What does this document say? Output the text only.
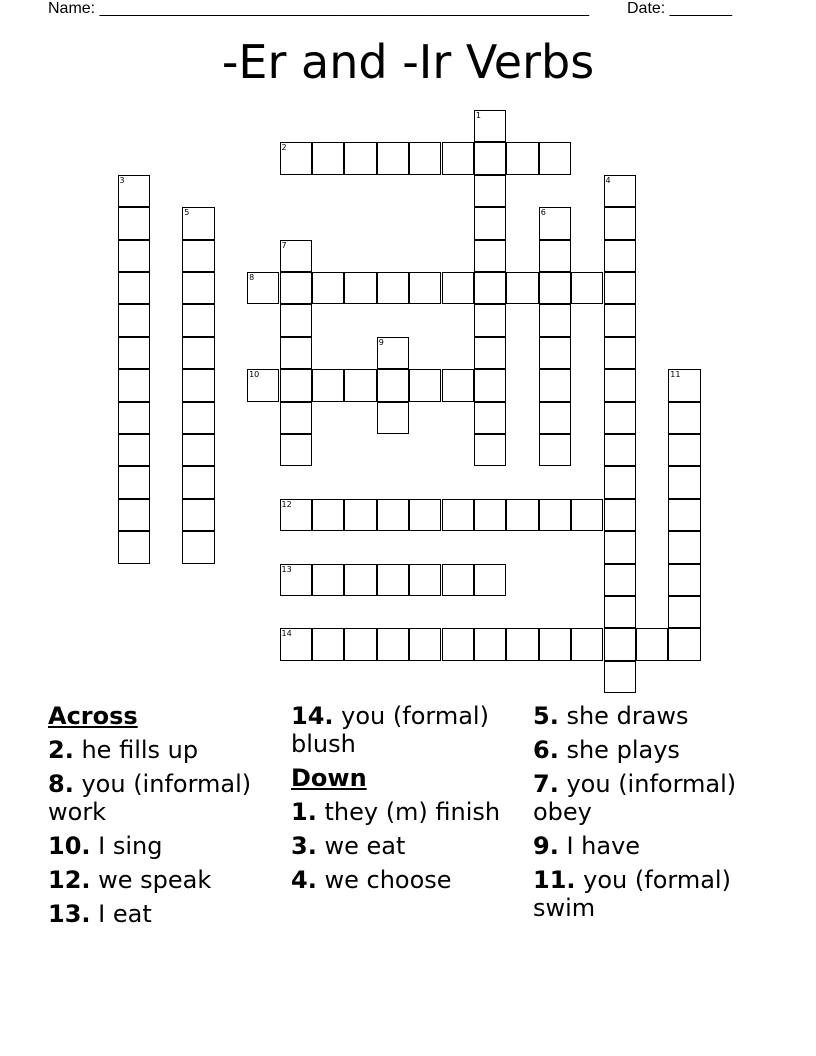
Name: _______________________________________________________ Date: _______
-Er and -Ir Verbs
1
2
3	4
5	6
7
8
9
10	11
12
13
14
Across
2. he fills up
8. you (informal) work
10. I sing
12. we speak
13. I eat
14. you (formal) blush
Down
1. they (m) finish
3. we eat
4. we choose
5. she draws
6. she plays
7. you (informal) obey
9. I have
11. you (formal) swim
